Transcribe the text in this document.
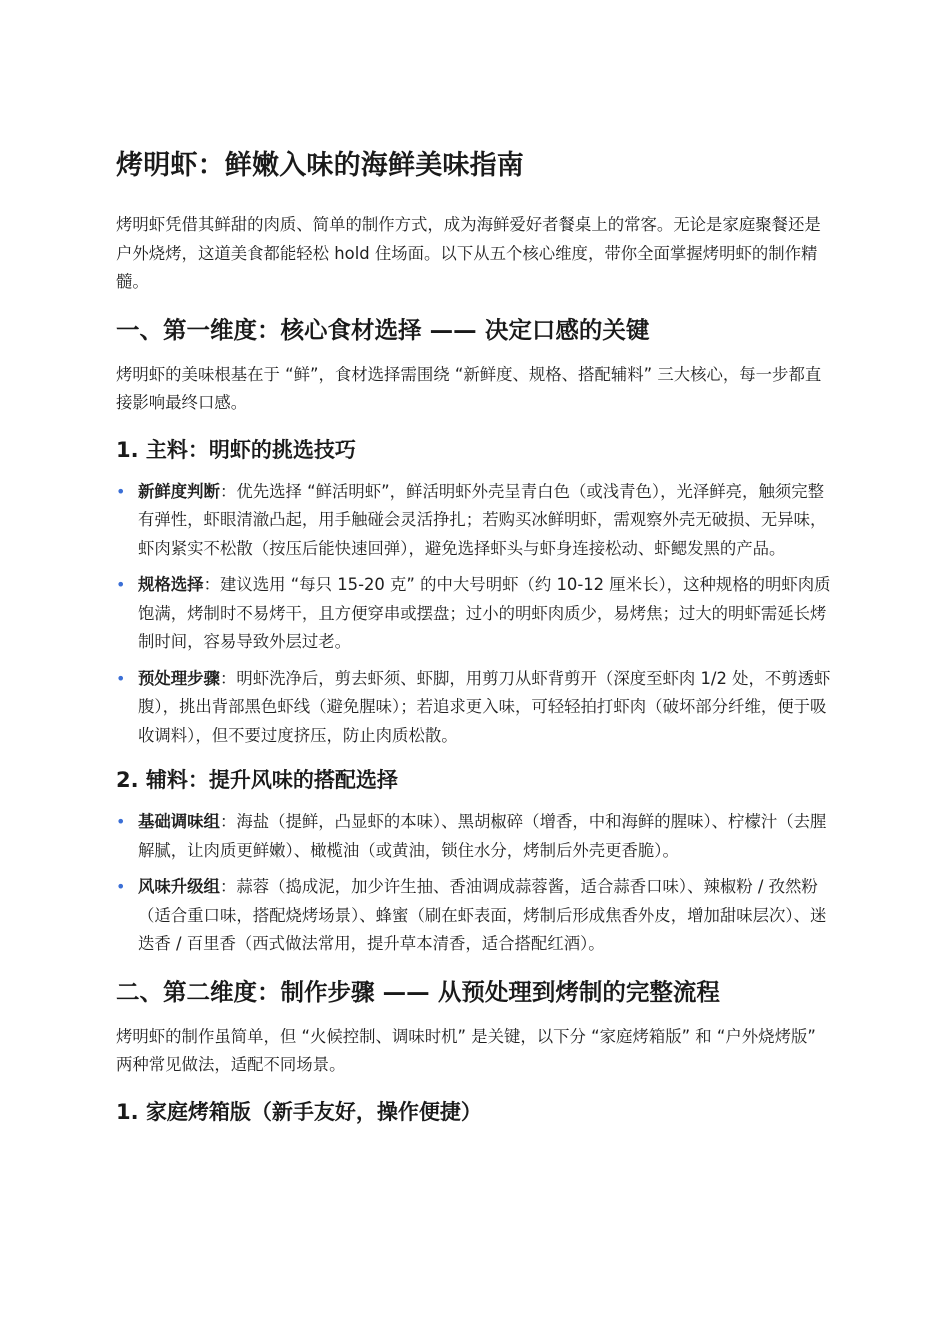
烤明虾：鲜嫩入味的海鲜美味指南

烤明虾凭借其鲜甜的肉质、简单的制作方式，成为海鲜爱好者餐桌上的常客。无论是家庭聚餐还是户外烧烤，这道美食都能轻松 hold 住场面。以下从五个核心维度，带你全面掌握烤明虾的制作精髓。

一、第一维度：核心食材选择 —— 决定口感的关键

烤明虾的美味根基在于 “鲜”，食材选择需围绕 “新鲜度、规格、搭配辅料” 三大核心，每一步都直接影响最终口感。

1. 主料：明虾的挑选技巧
• 新鲜度判断：优先选择 “鲜活明虾”，鲜活明虾外壳呈青白色（或浅青色），光泽鲜亮，触须完整有弹性，虾眼清澈凸起，用手触碰会灵活挣扎；若购买冰鲜明虾，需观察外壳无破损、无异味，虾肉紧实不松散（按压后能快速回弹），避免选择虾头与虾身连接松动、虾鳃发黑的产品。
• 规格选择：建议选用 “每只 15-20 克” 的中大号明虾（约 10-12 厘米长），这种规格的明虾肉质饱满，烤制时不易烤干，且方便穿串或摆盘；过小的明虾肉质少，易烤焦；过大的明虾需延长烤制时间，容易导致外层过老。
• 预处理步骤：明虾洗净后，剪去虾须、虾脚，用剪刀从虾背剪开（深度至虾肉 1/2 处，不剪透虾腹），挑出背部黑色虾线（避免腥味）；若追求更入味，可轻轻拍打虾肉（破坏部分纤维，便于吸收调料），但不要过度挤压，防止肉质松散。
2. 辅料：提升风味的搭配选择
• 基础调味组：海盐（提鲜，凸显虾的本味）、黑胡椒碎（增香，中和海鲜的腥味）、柠檬汁（去腥解腻，让肉质更鲜嫩）、橄榄油（或黄油，锁住水分，烤制后外壳更香脆）。
• 风味升级组：蒜蓉（捣成泥，加少许生抽、香油调成蒜蓉酱，适合蒜香口味）、辣椒粉 / 孜然粉（适合重口味，搭配烧烤场景）、蜂蜜（刷在虾表面，烤制后形成焦香外皮，增加甜味层次）、迷迭香 / 百里香（西式做法常用，提升草本清香，适合搭配红酒）。
二、第二维度：制作步骤 —— 从预处理到烤制的完整流程

烤明虾的制作虽简单，但 “火候控制、调味时机” 是关键，以下分 “家庭烤箱版” 和 “户外烧烤版” 两种常见做法，适配不同场景。

1. 家庭烤箱版（新手友好，操作便捷）
